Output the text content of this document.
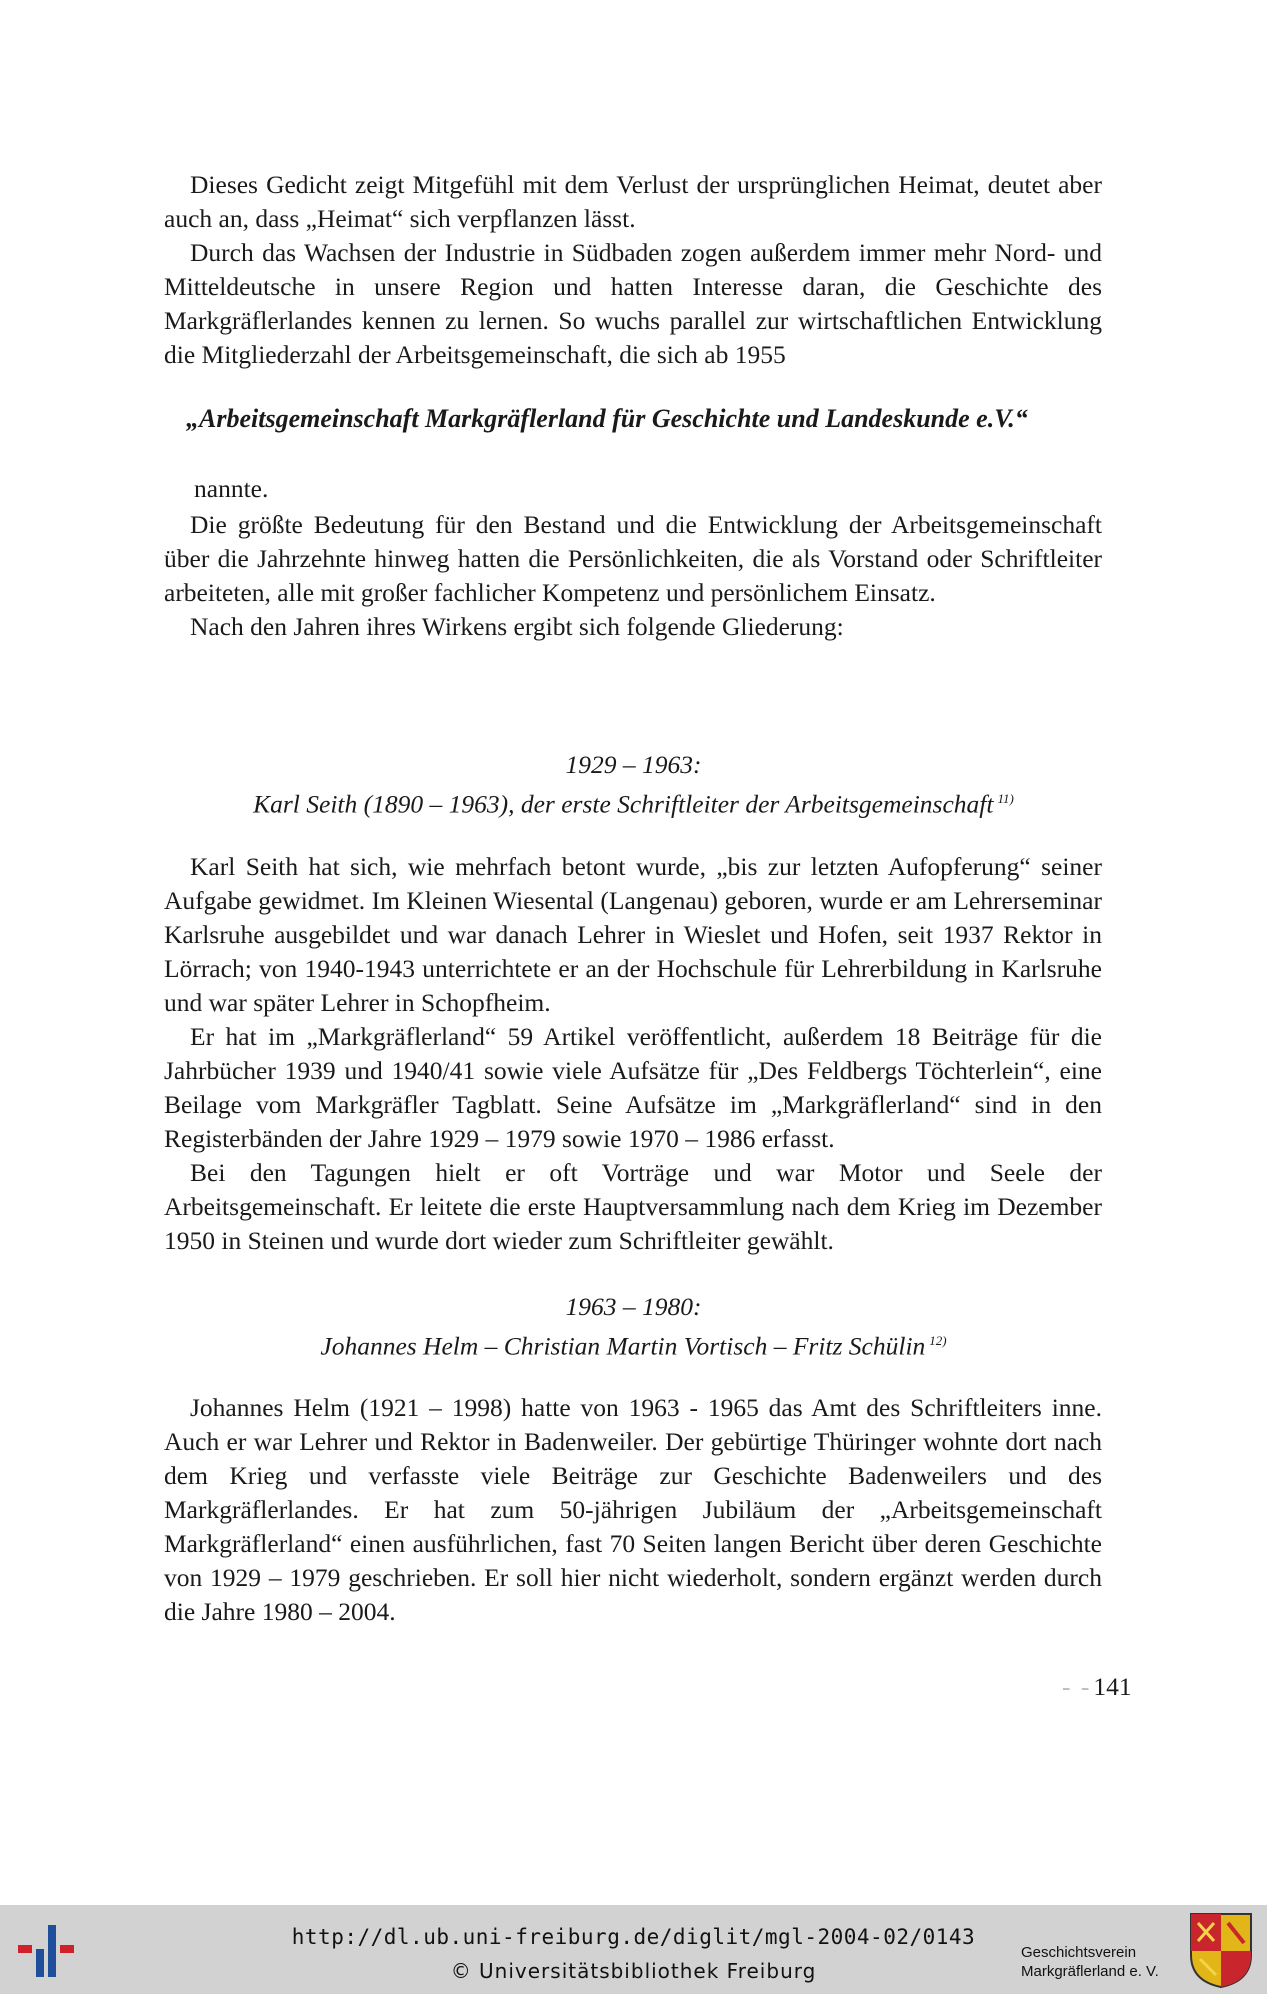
Dieses Gedicht zeigt Mitgefühl mit dem Verlust der ursprünglichen Heimat, deutet aber auch an, dass „Heimat“ sich verpflanzen lässt.

Durch das Wachsen der Industrie in Südbaden zogen außerdem immer mehr Nord- und Mitteldeutsche in unsere Region und hatten Interesse daran, die Geschichte des Markgräflerlandes kennen zu lernen. So wuchs parallel zur wirtschaftlichen Entwicklung die Mitgliederzahl der Arbeitsgemeinschaft, die sich ab 1955

„Arbeitsgemeinschaft Markgräflerland für Geschichte und Landeskunde e.V.“
nannte.

Die größte Bedeutung für den Bestand und die Entwicklung der Arbeitsgemeinschaft über die Jahrzehnte hinweg hatten die Persönlichkeiten, die als Vorstand oder Schriftleiter arbeiteten, alle mit großer fachlicher Kompetenz und persönlichem Einsatz.

Nach den Jahren ihres Wirkens ergibt sich folgende Gliederung:

1929 – 1963:
Karl Seith (1890 – 1963), der erste Schriftleiter der Arbeitsgemeinschaft $^{11)}$

Karl Seith hat sich, wie mehrfach betont wurde, „bis zur letzten Aufopferung“ seiner Aufgabe gewidmet. Im Kleinen Wiesental (Langenau) geboren, wurde er am Lehrerseminar Karlsruhe ausgebildet und war danach Lehrer in Wieslet und Hofen, seit 1937 Rektor in Lörrach; von 1940-1943 unterrichtete er an der Hochschule für Lehrerbildung in Karlsruhe und war später Lehrer in Schopfheim.

Er hat im „Markgräflerland“ 59 Artikel veröffentlicht, außerdem 18 Beiträge für die Jahrbücher 1939 und 1940/41 sowie viele Aufsätze für „Des Feldbergs Töchterlein“, eine Beilage vom Markgräfler Tagblatt. Seine Aufsätze im „Markgräflerland“ sind in den Registerbänden der Jahre 1929 – 1979 sowie 1970 – 1986 erfasst.

Bei den Tagungen hielt er oft Vorträge und war Motor und Seele der Arbeitsgemeinschaft. Er leitete die erste Hauptversammlung nach dem Krieg im Dezember 1950 in Steinen und wurde dort wieder zum Schriftleiter gewählt.

1963 – 1980:
Johannes Helm – Christian Martin Vortisch – Fritz Schülin $^{12)}$

Johannes Helm (1921 – 1998) hatte von 1963 - 1965 das Amt des Schriftleiters inne. Auch er war Lehrer und Rektor in Badenweiler. Der gebürtige Thüringer wohnte dort nach dem Krieg und verfasste viele Beiträge zur Geschichte Badenweilers und des Markgräflerlandes. Er hat zum 50-jährigen Jubiläum der „Arbeitsgemeinschaft Markgräflerland“ einen ausführlichen, fast 70 Seiten langen Bericht über deren Geschichte von 1929 – 1979 geschrieben. Er soll hier nicht wiederholt, sondern ergänzt werden durch die Jahre 1980 – 2004.

- -141
http://dl.ub.uni-freiburg.de/diglit/mgl-2004-02/0143
© Universitätsbibliothek Freiburg
Geschichtsverein
Markgräflerland e. V.
